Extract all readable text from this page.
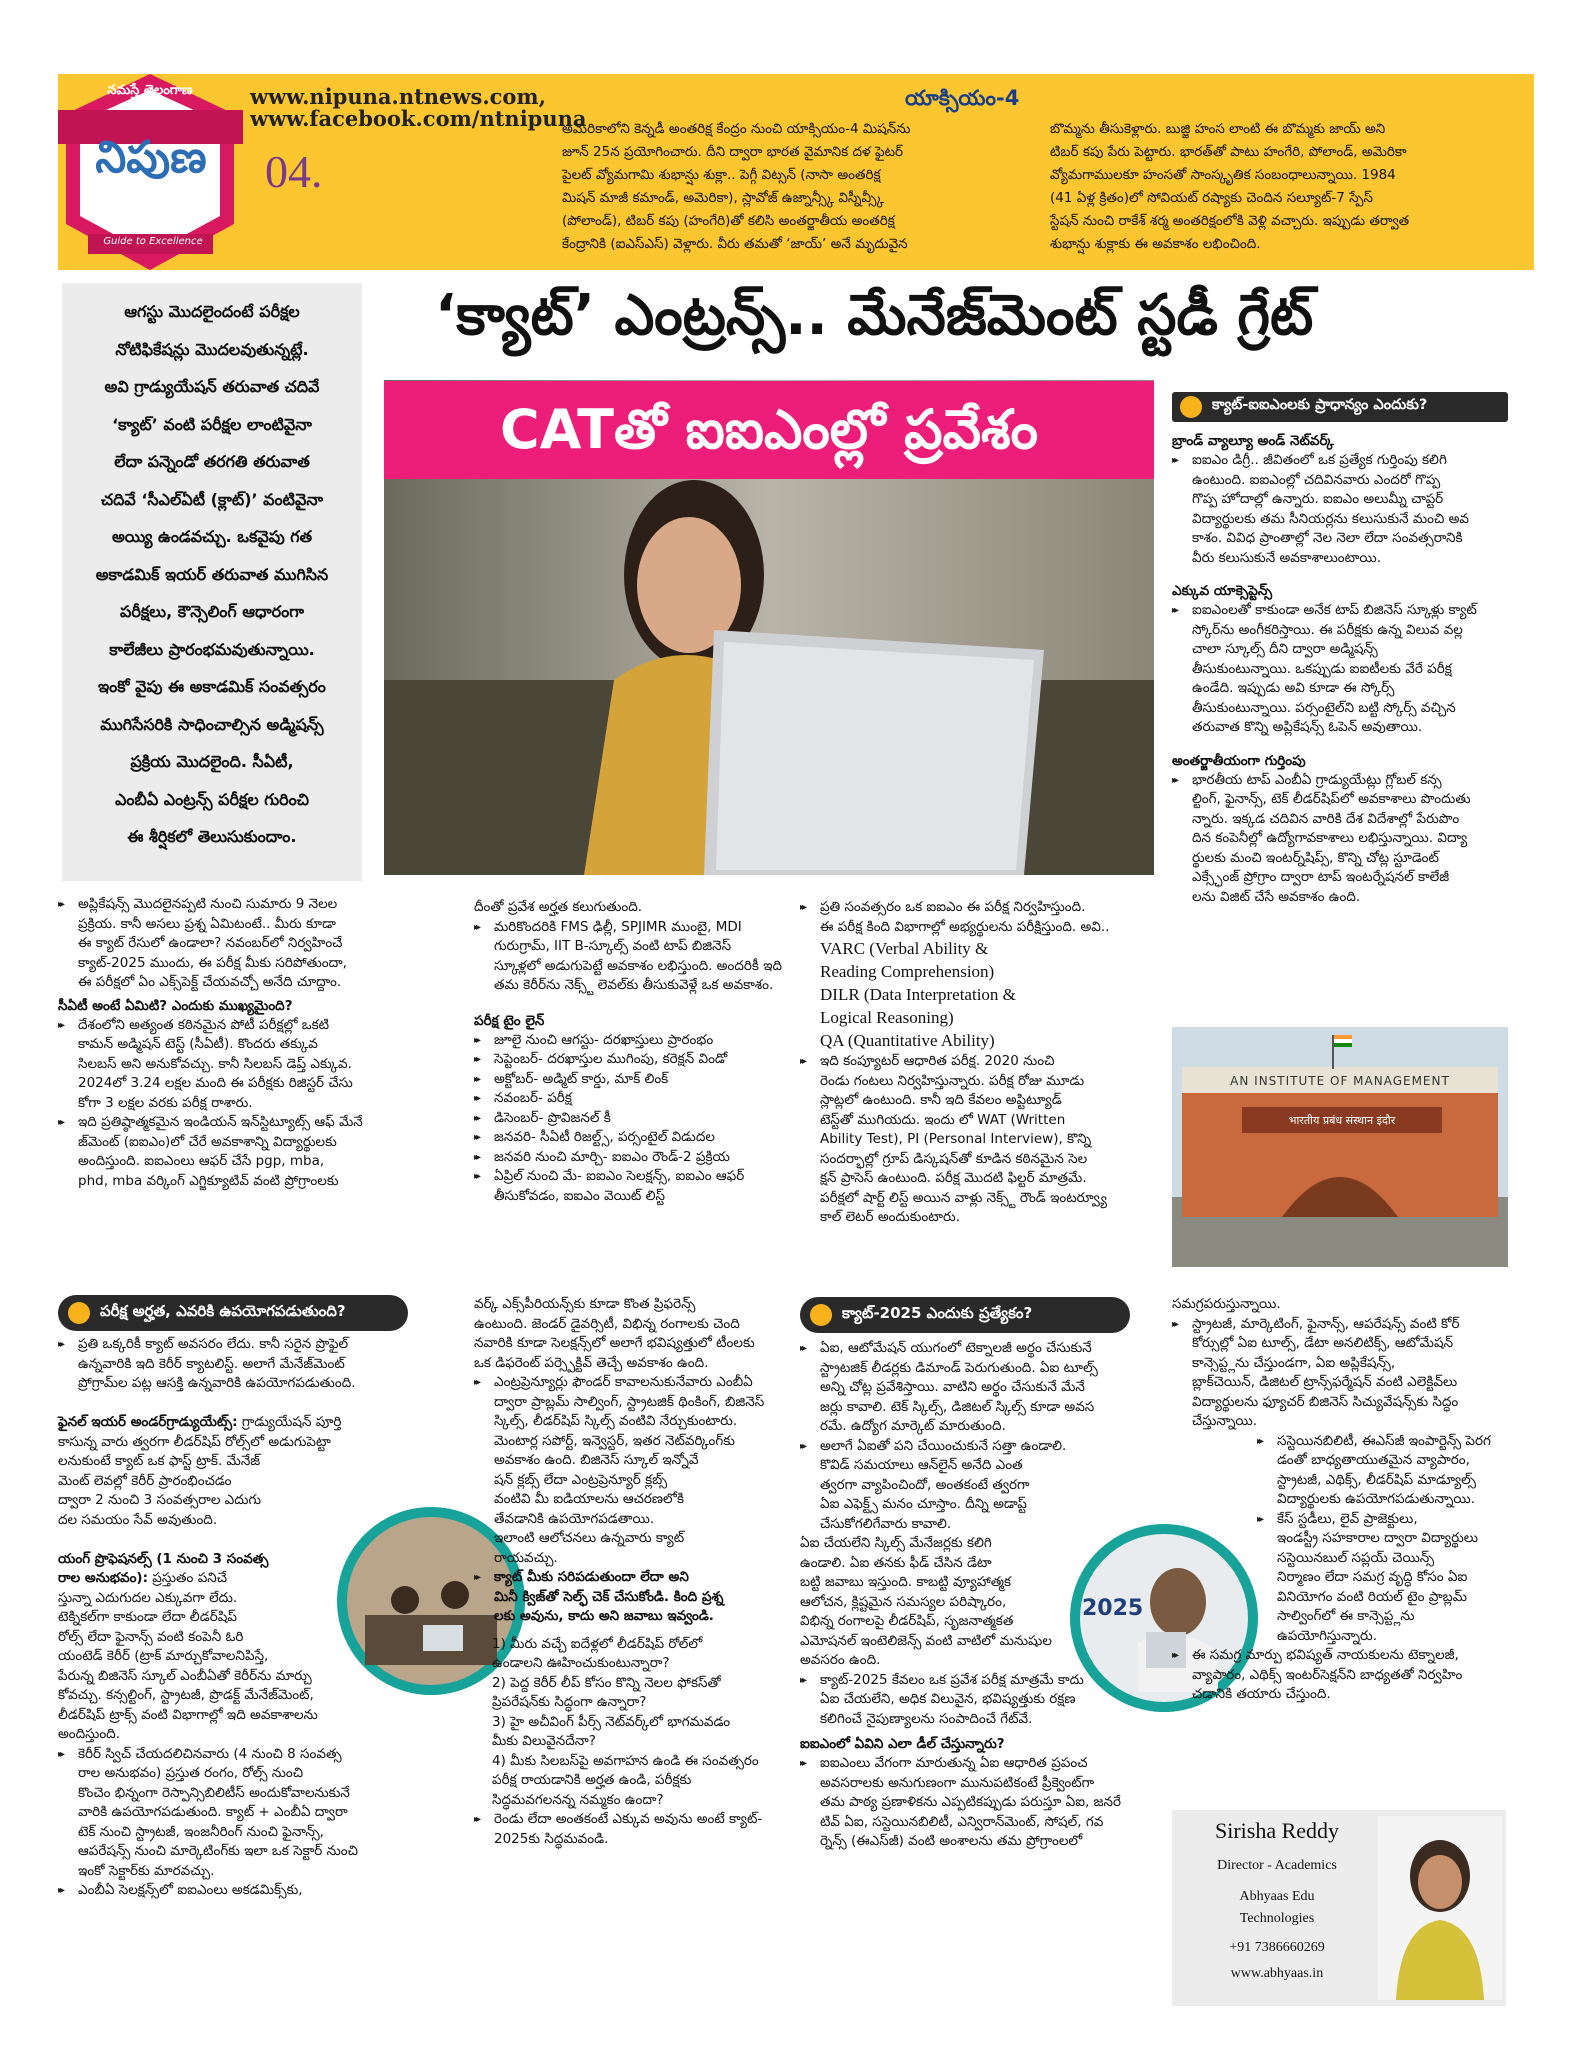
నమస్తే తెలంగాణ
నిపుణ
Guide to Excellence
www.nipuna.ntnews.com,
www.facebook.com/ntnipuna
04.
యాక్సియం-4
అమెరికాలోని కెన్నడీ అంతరిక్ష కేంద్రం నుంచి యాక్సియం-4 మిషన్‌ను
జూన్ 25న ప్రయోగించారు. దీని ద్వారా భారత వైమానిక దళ ఫైటర్
పైలట్ వ్యోమగామి శుభాన్షు శుక్లా.. పెగ్గీ విట్సన్ (నాసా అంతరిక్ష
మిషన్ మాజీ కమాండ్, అమెరికా), స్లావోజ్ ఉజ్నాన్స్కీ విస్నీవ్స్కీ
(పోలాండ్), టిబర్ కపు (హంగేరి)తో కలిసి అంతర్జాతీయ అంతరిక్ష
కేంద్రానికి (ఐఎస్ఎస్) వెళ్లారు. వీరు తమతో ‘జాయ్’ అనే మృదువైన
బొమ్మను తీసుకెళ్లారు. బుజ్జి హంస లాంటి ఈ బొమ్మకు జాయ్ అని
టిబర్ కపు పేరు పెట్టారు. భారత్‌తో పాటు హంగేరి, పోలాండ్, అమెరికా
వ్యోమగాములకూ హంసతో సాంస్కృతిక సంబంధాలున్నాయి. 1984
(41 ఏళ్ల క్రితం)లో సోవియట్ రష్యాకు చెందిన సల్యూట్-7 స్పేస్
స్టేషన్ నుంచి రాకేశ్ శర్మ అంతరిక్షంలోకి వెళ్లి వచ్చారు. ఇప్పుడు తర్వాత
శుభాన్షు శుక్లాకు ఈ అవకాశం లభించింది.
ఆగస్టు మొదలైందంటే పరీక్షల
నోటిఫికేషన్లు మొదలవుతున్నట్లే.
అవి గ్రాడ్యుయేషన్ తరువాత చదివే
‘క్యాట్’ వంటి పరీక్షల లాంటివైనా
లేదా పన్నెండో తరగతి తరువాత
చదివే ‘సీఎల్ఏటీ (క్లాట్)’ వంటివైనా
అయ్యి ఉండవచ్చు. ఒకవైపు గత
అకాడమిక్ ఇయర్ తరువాత ముగిసిన
పరీక్షలు, కౌన్సెలింగ్ ఆధారంగా
కాలేజీలు ప్రారంభమవుతున్నాయి.
ఇంకో వైపు ఈ అకాడమిక్ సంవత్సరం
ముగిసేసరికి సాధించాల్సిన అడ్మిషన్స్
ప్రక్రియ మొదలైంది. సీఏటీ,
ఎంబీఏ ఎంట్రన్స్ పరీక్షల గురించి
ఈ శీర్షికలో తెలుసుకుందాం.
‘క్యాట్’ ఎంట్రన్స్.. మేనేజ్‌మెంట్ స్టడీ గ్రేట్
CATతో ఐఐఎంల్లో ప్రవేశం	క్యాట్-ఐఐఎంలకు ప్రాధాన్యం ఎందుకు?
బ్రాండ్ వ్యాల్యూ అండ్ నెట్‌వర్క్

▸▸ ఐఐఎం డిగ్రీ.. జీవితంలో ఒక ప్రత్యేక గుర్తింపు కలిగి
ఉంటుంది. ఐఐఎంల్లో చదివినవారు ఎందరో గొప్ప
గొప్ప హోదాల్లో ఉన్నారు. ఐఐఎం అలుమ్నీ చాప్టర్
విద్యార్థులకు తమ సీనియర్లను కలుసుకునే మంచి అవ
కాశం. వివిధ ప్రాంతాల్లో నెల నెలా లేదా సంవత్సరానికి
వీరు కలుసుకునే అవకాశాలుంటాయి.

ఎక్కువ యాక్సెప్టెన్స్

▸▸ ఐఐఎంలతో కాకుండా అనేక టాప్ బిజినెస్ స్కూళ్లు క్యాట్
స్కోర్‌ను అంగీకరిస్తాయి. ఈ పరీక్షకు ఉన్న విలువ వల్ల
చాలా స్కూల్స్ దీని ద్వారా అడ్మిషన్స్
తీసుకుంటున్నాయి. ఒకప్పుడు ఐఐటీలకు వేరే పరీక్ష
ఉండేది. ఇప్పుడు అవి కూడా ఈ స్కోర్స్
తీసుకుంటున్నాయి. పర్సంటైల్‌ని బట్టి స్కోర్స్ వచ్చిన
తరువాత కొన్ని అప్లికేషన్స్ ఓపెన్ అవుతాయి.

అంతర్జాతీయంగా గుర్తింపు

▸▸ భారతీయ టాప్ ఎంబీఏ గ్రాడ్యుయేట్లు గ్లోబల్ కన్స
ల్టింగ్, ఫైనాన్స్, టెక్ లీడర్‌షిప్‌లో అవకాశాలు పొందుతు
న్నారు. ఇక్కడ చదివిన వారికి దేశ విదేశాల్లో పేరుపొం
దిన కంపెనీల్లో ఉద్యోగావకాశాలు లభిస్తున్నాయి. విద్యా
ర్థులకు మంచి ఇంటర్న్‌షిప్స్, కొన్ని చోట్ల స్టూడెంట్
ఎక్స్ఛేంజ్ ప్రోగ్రాం ద్వారా టాప్ ఇంటర్నేషనల్ కాలేజీ
లను విజిట్ చేసే అవకాశం ఉంది.

AN INSTITUTE OF MANAGEMENT
भारतीय प्रबंध संस्थान इंदौर

▸▸ అప్లికేషన్స్ మొదలైనప్పటి నుంచి సుమారు 9 నెలల
ప్రక్రియ. కానీ అసలు ప్రశ్న ఏమిటంటే.. మీరు కూడా
ఈ క్యాట్ రేసులో ఉండాలా? నవంబర్‌లో నిర్వహించే
క్యాట్-2025 ముందు, ఈ పరీక్ష మీకు సరిపోతుందా,
ఈ పరీక్షలో ఏం ఎక్స్‌పెక్ట్ చేయవచ్చో అనేది చూద్దాం.

సీఏటీ అంటే ఏమిటి? ఎందుకు ముఖ్యమైంది?

▸▸ దేశంలోని అత్యంత కఠినమైన పోటీ పరీక్షల్లో ఒకటి
కామన్ అడ్మిషన్ టెస్ట్ (సీఏటీ). కొందరు తక్కువ
సిలబస్ అని అనుకోవచ్చు. కానీ సిలబస్ డెప్త్ ఎక్కువ.
2024లో 3.24 లక్షల మంది ఈ పరీక్షకు రిజిస్టర్ చేసు
కోగా 3 లక్షల వరకు పరీక్ష రాశారు.

▸▸ ఇది ప్రతిష్ఠాత్మకమైన ఇండియన్ ఇన్‌స్టిట్యూట్స్ ఆఫ్ మేనే
జ్‌మెంట్ (ఐఐఎం)లో చేరే అవకాశాన్ని విద్యార్థులకు
అందిస్తుంది. ఐఐఎంలు ఆఫర్ చేసే pgp, mba,
phd, mba వర్కింగ్ ఎగ్జిక్యూటివ్ వంటి ప్రోగ్రాంలకు

దీంతో ప్రవేశ అర్హత కలుగుతుంది.

▸▸ మరికొందరికి FMS ఢిల్లీ, SPJIMR ముంబై, MDI
గురుగ్రామ్, IIT B-స్కూల్స్ వంటి టాప్ బిజినెస్
స్కూళ్లలో అడుగుపెట్టే అవకాశం లభిస్తుంది. అందరికీ ఇది
తమ కెరీర్‌ను నెక్స్ట్ లెవల్‌కు తీసుకువెళ్లే ఒక అవకాశం.

పరీక్ష టైం లైన్

▸▸ జూలై నుంచి ఆగస్టు- దరఖాస్తులు ప్రారంభం

▸▸ సెప్టెంబర్- దరఖాస్తుల ముగింపు, కరెక్షన్ విండో

▸▸ అక్టోబర్- అడ్మిట్ కార్డు, మాక్ లింక్

▸▸ నవంబర్- పరీక్ష

▸▸ డిసెంబర్- ప్రొవిజనల్ కీ

▸▸ జనవరి- సీఏటీ రిజల్ట్స్, పర్సంటైల్ విడుదల

▸▸ జనవరి నుంచి మార్చి- ఐఐఎం రౌండ్-2 ప్రక్రియ

▸▸ ఏప్రిల్ నుంచి మే- ఐఐఎం సెలక్షన్స్, ఐఐఎం ఆఫర్
తీసుకోవడం, ఐఐఎం వెయిట్ లిస్ట్

▸▸ ప్రతి సంవత్సరం ఒక ఐఐఎం ఈ పరీక్ష నిర్వహిస్తుంది.
ఈ పరీక్ష కింది విభాగాల్లో అభ్యర్థులను పరీక్షిస్తుంది. అవి..

VARC (Verbal Ability &
Reading Comprehension)
DILR (Data Interpretation &
Logical Reasoning)
QA (Quantitative Ability)

▸▸ ఇది కంప్యూటర్ ఆధారిత పరీక్ష. 2020 నుంచి
రెండు గంటలు నిర్వహిస్తున్నారు. పరీక్ష రోజు మూడు
స్లాట్లలో ఉంటుంది. కానీ ఇది కేవలం అప్టిట్యూడ్
టెస్ట్‌తో ముగియదు. ఇందు లో WAT (Written
Ability Test), PI (Personal Interview), కొన్ని
సందర్భాల్లో గ్రూప్ డిస్కషన్‌తో కూడిన కఠినమైన సెల
క్షన్ ప్రాసెస్ ఉంటుంది. పరీక్ష మొదటి ఫిల్టర్ మాత్రమే.
పరీక్షలో షార్ట్ లిస్ట్ అయిన వాళ్లు నెక్స్ట్ రౌండ్ ఇంటర్వ్యూ
కాల్ లెటర్ అందుకుంటారు.

పరీక్ష అర్హత, ఎవరికి ఉపయోగపడుతుంది?

▸▸ ప్రతి ఒక్కరికీ క్యాట్ అవసరం లేదు. కానీ సరైన ప్రొఫైల్
ఉన్నవారికి ఇది కెరీర్ క్యాటలిస్ట్. అలాగే మేనేజ్‌మెంట్
ప్రోగ్రామ్‌ల పట్ల ఆసక్తి ఉన్నవారికి ఉపయోగపడుతుంది.

ఫైనల్ ఇయర్ అండర్‌గ్రాడ్యుయేట్స్: గ్రాడ్యుయేషన్ పూర్తి
కాసున్న వారు త్వరగా లీడర్‌షిప్ రోల్స్‌లో అడుగుపెట్టా
లనుకుంటే క్యాట్ ఒక ఫాస్ట్ ట్రాక్. మేనేజ్
మెంట్ లెవల్లో కెరీర్ ప్రారంభించడం
ద్వారా 2 నుంచి 3 సంవత్సరాల ఎదుగు
దల సమయం సేవ్ అవుతుంది.

యంగ్ ప్రొఫెషనల్స్ (1 నుంచి 3 సంవత్స
రాల అనుభవం): ప్రస్తుతం పనిచే
స్తున్నా ఎదుగుదల ఎక్కువగా లేదు.
టెక్నికల్‌గా కాకుండా లేదా లీడర్‌షిప్
రోల్స్ లేదా ఫైనాన్స్ వంటి కంపెనీ ఓరి
యంటెడ్ కెరీర్ (ట్రాక్ మార్చుకోవాలనిపిస్తే,
పేరున్న బిజినెస్ స్కూల్ ఎంబీఏతో కెరీర్‌ను మార్చు
కోవచ్చు. కన్సల్టింగ్, స్ట్రాటజీ, ప్రొడక్ట్ మేనేజ్‌మెంట్,
లీడర్‌షిప్ ట్రాక్స్ వంటి విభాగాల్లో ఇది అవకాశాలను
అందిస్తుంది.

▸▸ కెరీర్ స్విచ్ చేయదలిచినవారు (4 నుంచి 8 సంవత్స
రాల అనుభవం) ప్రస్తుత రంగం, రోల్స్ నుంచి
కొంచెం భిన్నంగా రెస్పాన్సిబిలిటీస్ అందుకోవాలనుకునే
వారికి ఉపయోగపడుతుంది. క్యాట్ + ఎంబీఏ ద్వారా
టెక్ నుంచి స్ట్రాటజీ, ఇంజనీరింగ్ నుంచి ఫైనాన్స్,
ఆపరేషన్స్ నుంచి మార్కెటింగ్‌కు ఇలా ఒక సెక్టార్ నుంచి
ఇంకో సెక్టార్‌కు మారవచ్చు.

▸▸ ఎంబీఏ సెలక్షన్స్‌లో ఐఐఎంలు అకడమిక్స్‌కు,

వర్క్ ఎక్స్‌పీరియన్స్‌కు కూడా కొంత ప్రిఫరెన్స్
ఉంటుంది. జెండర్ డైవర్సిటీ, విభిన్న రంగాలకు చెంది
నవారికి కూడా సెలక్షన్స్‌లో అలాగే భవిష్యత్తులో టీంలకు
ఒక డిఫరెంట్ పర్స్పెక్టివ్ తెచ్చే అవకాశం ఉంది.

▸▸ ఎంట్రప్రెన్యూర్లు ఫౌండర్ కావాలనుకునేవారు ఎంబీఏ
ద్వారా ప్రాబ్లమ్ సాల్వింగ్, స్ట్రాటజిక్ థింకింగ్, బిజినెస్
స్కిల్స్, లీడర్‌షిప్ స్కిల్స్ వంటివి నేర్చుకుంటారు.
మెంటార్ల సపోర్ట్, ఇన్వెస్టర్, ఇతర నెట్‌వర్కింగ్‌కు
అవకాశం ఉంది. బిజినెస్ స్కూల్ ఇన్నోవే
షన్ క్లబ్స్ లేదా ఎంట్రప్రెన్యూర్ క్లబ్స్
వంటివి మీ ఐడియాలను ఆచరణలోకి
తేవడానికి ఉపయోగపడతాయి.
ఇలాంటి ఆలోచనలు ఉన్నవారు క్యాట్
రాయవచ్చు.

▸▸ క్యాట్ మీకు సరిపడుతుందా లేదా అని
మినీ క్విజ్‌తో సెల్ఫ్ చెక్ చేసుకోండి. కింది ప్రశ్న
లకు అవును, కాదు అని జవాబు ఇవ్వండి.

1) మీరు వచ్చే ఐదేళ్లలో లీడర్‌షిప్ రోల్‌లో
ఉండాలని ఊహించుకుంటున్నారా?

2) పెద్ద కెరీర్ లీప్ కోసం కొన్ని నెలల ఫోకస్‌తో
ప్రిపరేషన్‌కు సిద్ధంగా ఉన్నారా?

3) హై అచీవింగ్ పీర్స్ నెట్‌వర్క్‌లో భాగమవడం
మీకు విలువైనదేనా?

4) మీకు సిలబస్‌పై అవగాహన ఉండి ఈ సంవత్సరం
పరీక్ష రాయడానికి అర్హత ఉండి, పరీక్షకు
సిద్ధమవగలనన్న నమ్మకం ఉందా?

▸▸ రెండు లేదా అంతకంటే ఎక్కువ అవును అంటే క్యాట్-
2025కు సిద్ధమవండి.

క్యాట్-2025 ఎందుకు ప్రత్యేకం?

▸▸ ఏఐ, ఆటోమేషన్ యుగంలో టెక్నాలజీ అర్థం చేసుకునే
స్ట్రాటజిక్ లీడర్లకు డిమాండ్ పెరుగుతుంది. ఏఐ టూల్స్
అన్ని చోట్ల ప్రవేశిస్తాయి. వాటిని అర్థం చేసుకునే మేనే
జర్లు కావాలి. టెక్ స్కిల్స్, డిజిటల్ స్కిల్స్ కూడా అవస
రమే. ఉద్యోగ మార్కెట్ మారుతుంది.

▸▸ అలాగే ఏఐతో పని చేయించుకునే సత్తా ఉండాలి.
కొవిడ్ సమయాలు ఆన్‌లైన్ అనేది ఎంత
త్వరగా వ్యాపించిందో, అంతకంటే త్వరగా
ఏఐ ఎఫెక్ట్స్ మనం చూస్తాం. దీన్ని అడాప్ట్
చేసుకోగలిగేవారు కావాలి.

ఏఐ చేయలేని స్కిల్స్ మేనేజర్లకు కలిగి
ఉండాలి. ఏఐ తనకు ఫీడ్ చేసిన డేటా
బట్టి జవాబు ఇస్తుంది. కాబట్టి వ్యూహాత్మక
ఆలోచన, క్లిష్టమైన సమస్యల పరిష్కారం,
విభిన్న రంగాలపై లీడర్‌షిప్, సృజనాత్మకత
ఎమోషనల్ ఇంటెలిజెన్స్ వంటి వాటిలో మనుషుల
అవసరం ఉంది.

▸▸ క్యాట్-2025 కేవలం ఒక ప్రవేశ పరీక్ష మాత్రమే కాదు
ఏఐ చేయలేని, అధిక విలువైన, భవిష్యత్తుకు రక్షణ
కలిగించే నైపుణ్యాలను సంపాదించే గేట్‌వే.

ఐఐఎంలో ఏవిని ఎలా డీల్ చేస్తున్నారు?

▸▸ ఐఐఎంలు వేగంగా మారుతున్న ఏఐ ఆధారిత ప్రపంచ
అవసరాలకు అనుగుణంగా మునుపటికంటే ప్రీక్వెంట్‌గా
తమ పాఠ్య ప్రణాళికను ఎప్పటికప్పుడు పరుస్తూ ఏఐ, జనరే
టివ్ ఏఐ, సస్టెయినబిలిటీ, ఎన్విరాన్‌మెంట్, సోషల్, గవ
ర్నెన్స్ (ఈఎస్‌జీ) వంటి అంశాలను తమ ప్రోగ్రాంలలో

2025

సమగ్రపరుస్తున్నాయి.

▸▸ స్ట్రాటజీ, మార్కెటింగ్, ఫైనాన్స్, ఆపరేషన్స్ వంటి కోర్
కోర్సుల్లో ఏఐ టూల్స్, డేటా అనలిటిక్స్, ఆటోమేషన్
కాన్సెప్ట్లను చేస్తుండగా, ఏఐ అప్లికేషన్స్,
బ్లాక్‌చెయిన్, డిజిటల్ ట్రాన్స్‌ఫర్మేషన్ వంటి ఎలెక్టివ్‌లు
విద్యార్థులను ఫ్యూచర్ బిజినెస్ సిచ్యువేషన్స్‌కు సిద్ధం
చేస్తున్నాయి.

▸▸ సస్టెయినబిలిటీ, ఈఎస్‌జీ ఇంపార్టెన్స్ పెరగ
డంతో బాధ్యతాయుతమైన వ్యాపారం,
స్ట్రాటజీ, ఎథిక్స్, లీడర్‌షిప్ మాడ్యూల్స్
విద్యార్థులకు ఉపయోగపడుతున్నాయి.

▸▸ కేస్ స్టడీలు, లైవ్ ప్రాజెక్టులు,
ఇండస్ట్రీ సహకారాల ద్వారా విద్యార్థులు
సస్టెయినబుల్ సప్లయ్ చెయిన్స్
నిర్మాణం లేదా సమగ్ర వృద్ధి కోసం ఏఐ
వినియోగం వంటి రియల్ టైం ప్రాబ్లమ్
సాల్వింగ్‌లో ఈ కాన్సెప్ట్లను
ఉపయోగిస్తున్నారు.

▸▸ ఈ సమగ్ర మార్పు భవిష్యత్ నాయకులను టెక్నాలజీ,
వ్యాపారం, ఎథిక్స్ ఇంటర్‌సెక్షన్‌ని బాధ్యతతో నిర్వహిం
చడానికి తయారు చేస్తుంది.

Sirisha Reddy
Director - Academics
Abhyaas Edu
Technologies
+91 7386660269
www.abhyaas.in
